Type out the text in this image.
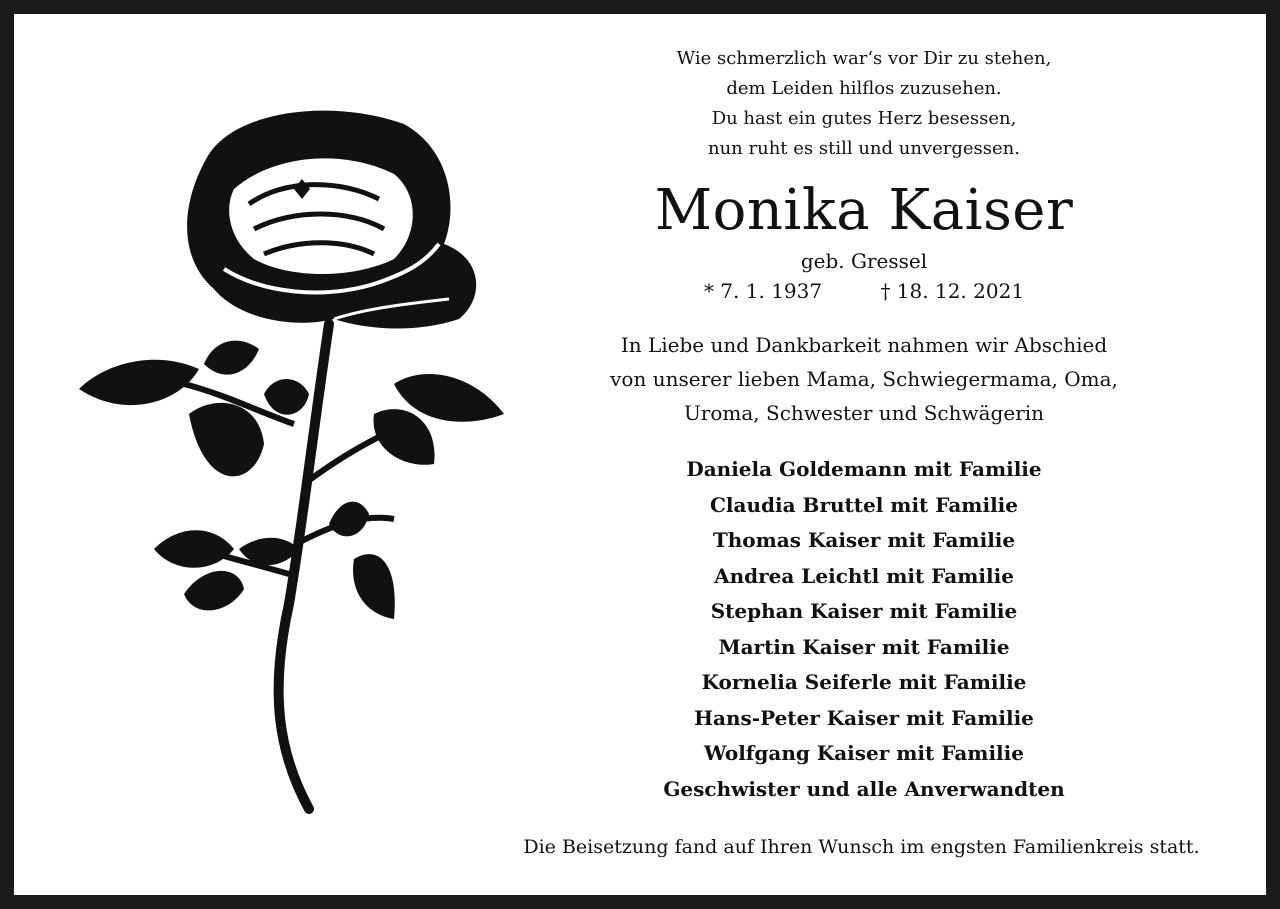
Wie schmerzlich war‘s vor Dir zu stehen,
dem Leiden hilflos zuzusehen.
Du hast ein gutes Herz besessen,
nun ruht es still und unvergessen.
Monika Kaiser
geb. Gressel
* 7. 1. 1937	† 18. 12. 2021
In Liebe und Dankbarkeit nahmen wir Abschied
von unserer lieben Mama, Schwiegermama, Oma,
Uroma, Schwester und Schwägerin
Daniela Goldemann mit Familie
Claudia Bruttel mit Familie
Thomas Kaiser mit Familie
Andrea Leichtl mit Familie
Stephan Kaiser mit Familie
Martin Kaiser mit Familie
Kornelia Seiferle mit Familie
Hans-Peter Kaiser mit Familie
Wolfgang Kaiser mit Familie
Geschwister und alle Anverwandten
Die Beisetzung fand auf Ihren Wunsch im engsten Familienkreis statt.
